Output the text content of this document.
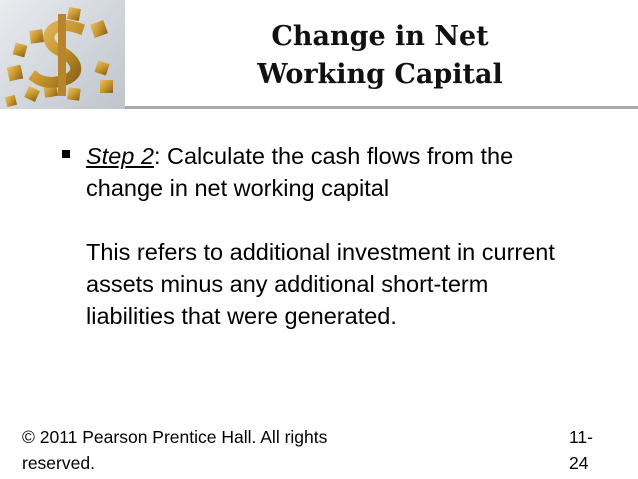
Change in Net
Working Capital

Step 2: Calculate the cash flows from the change in net working capital

This refers to additional investment in current assets minus any additional short-term liabilities that were generated.

© 2011 Pearson Prentice Hall. All rights
reserved.
11-
24
